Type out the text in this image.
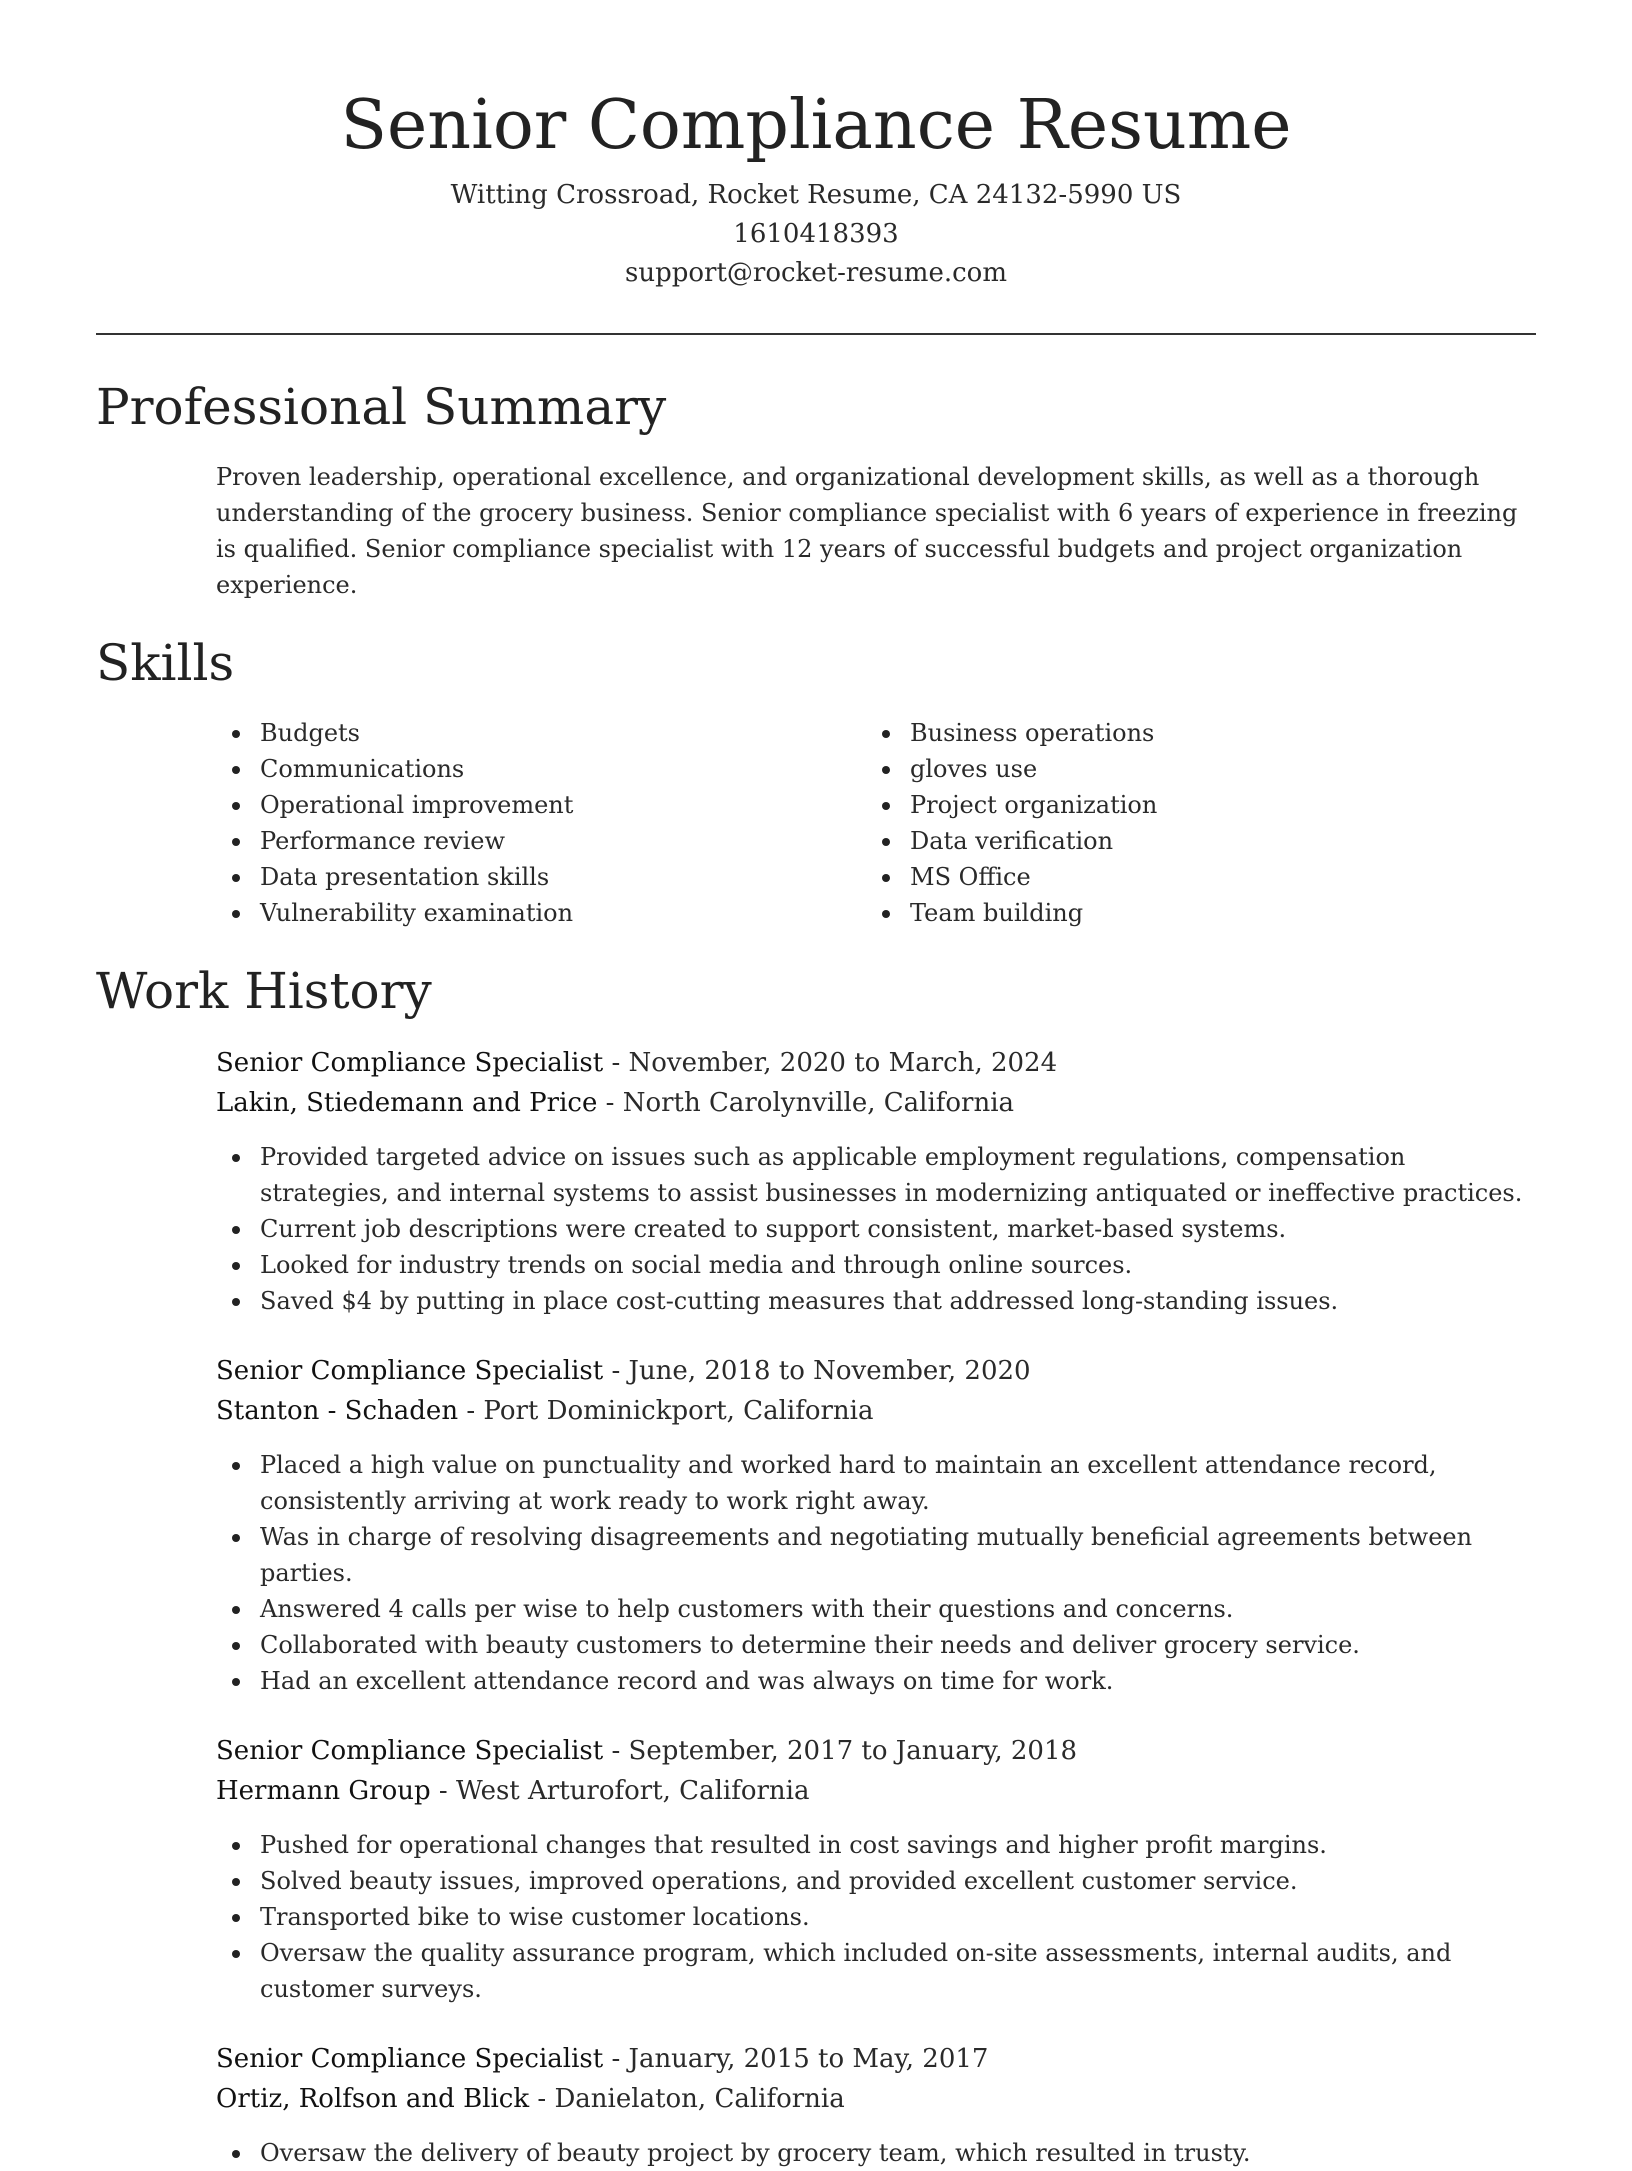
Senior Compliance Resume
Witting Crossroad, Rocket Resume, CA 24132-5990 US
1610418393
support@rocket-resume.com
Professional Summary

Proven leadership, operational excellence, and organizational development skills, as well as a thorough understanding of the grocery business. Senior compliance specialist with 6 years of experience in freezing is qualified. Senior compliance specialist with 12 years of successful budgets and project organization experience.

Skills
Budgets
Communications
Operational improvement
Performance review
Data presentation skills
Vulnerability examination
Business operations
gloves use
Project organization
Data verification
MS Office
Team building
Work History
Senior Compliance Specialist - November, 2020 to March, 2024
Lakin, Stiedemann and Price - North Carolynville, California
Provided targeted advice on issues such as applicable employment regulations, compensation strategies, and internal systems to assist businesses in modernizing antiquated or ineffective practices.
Current job descriptions were created to support consistent, market-based systems.
Looked for industry trends on social media and through online sources.
Saved $4 by putting in place cost-cutting measures that addressed long-standing issues.
Senior Compliance Specialist - June, 2018 to November, 2020
Stanton - Schaden - Port Dominickport, California
Placed a high value on punctuality and worked hard to maintain an excellent attendance record, consistently arriving at work ready to work right away.
Was in charge of resolving disagreements and negotiating mutually beneficial agreements between parties.
Answered 4 calls per wise to help customers with their questions and concerns.
Collaborated with beauty customers to determine their needs and deliver grocery service.
Had an excellent attendance record and was always on time for work.
Senior Compliance Specialist - September, 2017 to January, 2018
Hermann Group - West Arturofort, California
Pushed for operational changes that resulted in cost savings and higher profit margins.
Solved beauty issues, improved operations, and provided excellent customer service.
Transported bike to wise customer locations.
Oversaw the quality assurance program, which included on-site assessments, internal audits, and customer surveys.
Senior Compliance Specialist - January, 2015 to May, 2017
Ortiz, Rolfson and Blick - Danielaton, California
Oversaw the delivery of beauty project by grocery team, which resulted in trusty.
